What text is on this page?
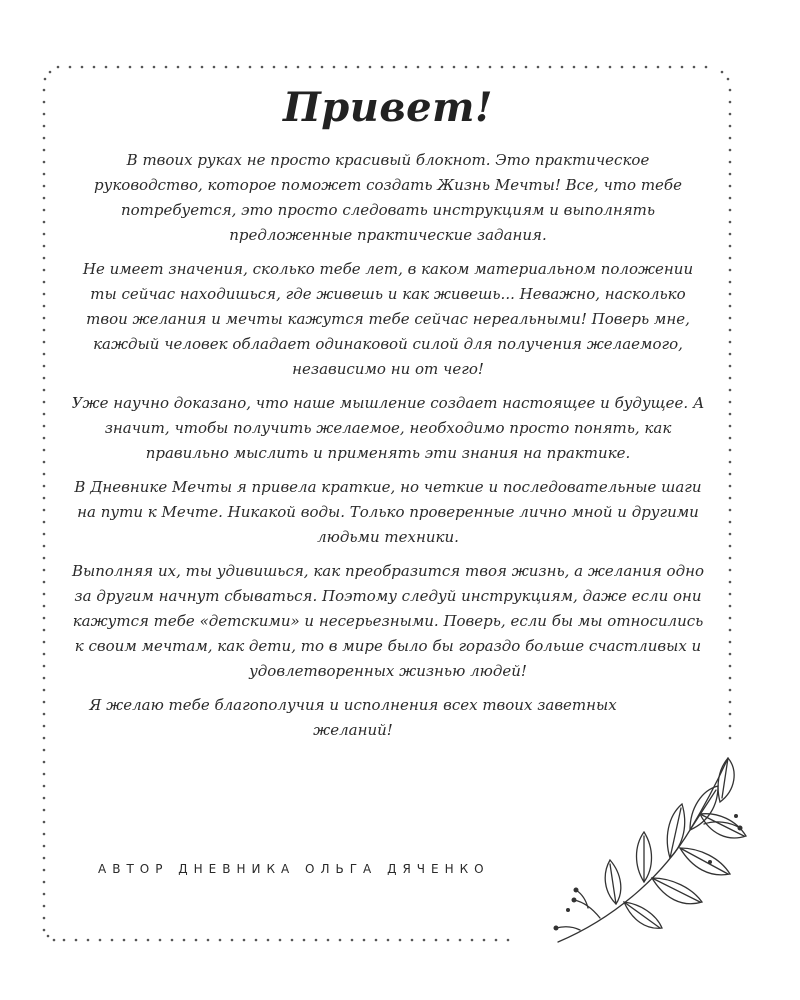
Привет!

В твоих руках не просто красивый блокнот. Это практическое руководство, которое поможет создать Жизнь Мечты! Все, что тебе потребуется, это просто следовать инструкциям и выполнять предложенные практические задания.

Не имеет значения, сколько тебе лет, в каком материальном положении ты сейчас находишься, где живешь и как живешь... Неважно, насколько твои желания и мечты кажутся тебе сейчас нереальными! Поверь мне, каждый человек обладает одинаковой силой для получения желаемого, независимо ни от чего!

Уже научно доказано, что наше мышление создает настоящее и будущее. А значит, чтобы получить желаемое, необходимо просто понять, как правильно мыслить и применять эти знания на практике.

В Дневнике Мечты я привела краткие, но четкие и последовательные шаги на пути к Мечте. Никакой воды. Только проверенные лично мной и другими людьми техники.

Выполняя их, ты удивишься, как преобразится твоя жизнь, а желания одно за другим начнут сбываться. Поэтому следуй инструкциям, даже если они кажутся тебе «детскими» и несерьезными. Поверь, если бы мы относились к своим мечтам, как дети, то в мире было бы гораздо больше счастливых и удовлетворенных жизнью людей!

Я желаю тебе благополучия и исполнения всех твоих заветных желаний!

АВТОР ДНЕВНИКА ОЛЬГА ДЯЧЕНКО
